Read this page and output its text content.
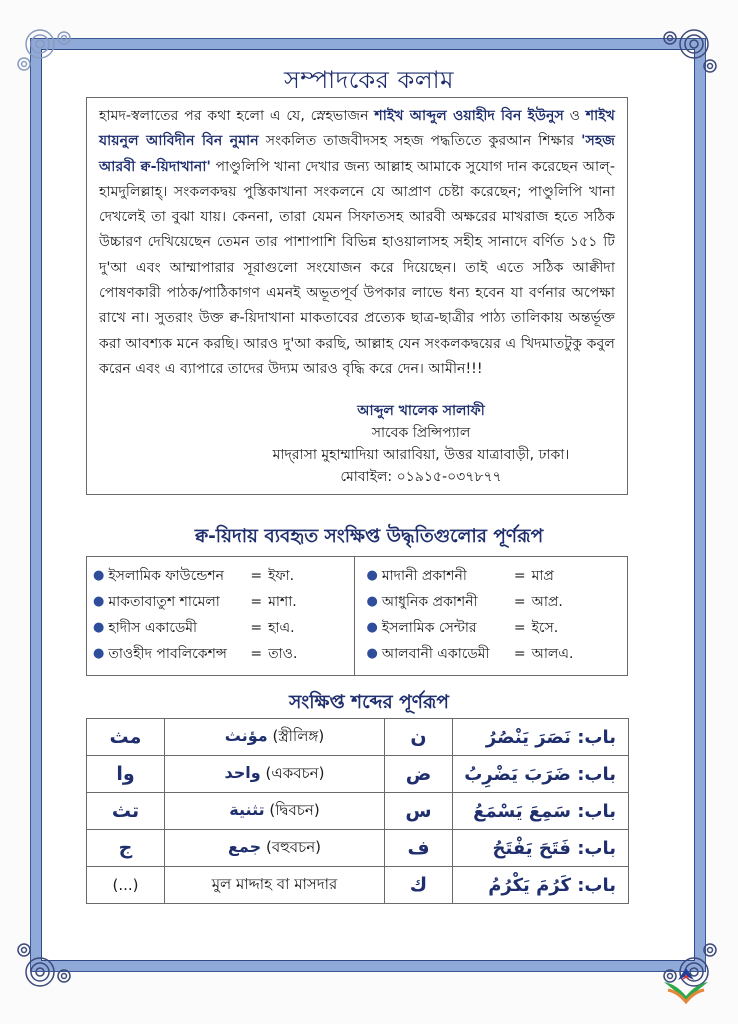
সম্পাদকের কলাম
হামদ-স্বলাতের পর কথা হলো এ যে, স্নেহভাজন শাইখ আব্দুল ওয়াহীদ বিন ইউনুস ও শাইখ যায়নুল আবিদীন বিন নুমান সংকলিত তাজবীদসহ সহজ পদ্ধতিতে কুরআন শিক্ষার 'সহজ আরবী ক্ব-য়িদাখানা' পাণ্ডুলিপি খানা দেখার জন্য আল্লাহ আমাকে সুযোগ দান করেছেন আল্-হামদুলিল্লাহ্। সংকলকদ্বয় পুস্তিকাখানা সংকলনে যে আপ্রাণ চেষ্টা করেছেন; পাণ্ডুলিপি খানা দেখলেই তা বুঝা যায়। কেননা, তারা যেমন সিফাতসহ আরবী অক্ষরের মাখরাজ হতে সঠিক উচ্চারণ দেখিয়েছেন তেমন তার পাশাপাশি বিভিন্ন হাওয়ালাসহ সহীহ সানাদে বর্ণিত ১৫১ টি দু'আ এবং আম্মাপারার সূরাগুলো সংযোজন করে দিয়েছেন। তাই এতে সঠিক আক্বীদা পোষণকারী পাঠক/পাঠিকাগণ এমনই অভূতপূর্ব উপকার লাভে ধন্য হবেন যা বর্ণনার অপেক্ষা রাখে না। সুতরাং উক্ত ক্ব-য়িদাখানা মাকতাবের প্রত্যেক ছাত্র-ছাত্রীর পাঠ্য তালিকায় অন্তর্ভূক্ত করা আবশ্যক মনে করছি। আরও দু'আ করছি, আল্লাহ যেন সংকলকদ্বয়ের এ খিদমাতটুকু কবুল করেন এবং এ ব্যাপারে তাদের উদ্যম আরও বৃদ্ধি করে দেন। আমীন!!!
আব্দুল খালেক সালাফী
সাবেক প্রিন্সিপ্যাল
মাদ্‌রাসা মুহাম্মাদিয়া আরাবিয়া, উত্তর যাত্রাবাড়ী, ঢাকা।
মোবাইল: ০১৯১৫-০৩৭৮৭৭
ক্ব-য়িদায় ব্যবহৃত সংক্ষিপ্ত উদ্ধৃতিগুলোর পূর্ণরূপ
● ইসলামিক ফাউন্ডেশন	= ইফা.
● মাকতাবাতুশ শামেলা	= মাশা.
● হাদীস একাডেমী	= হাএ.
● তাওহীদ পাবলিকেশন্স	= তাও.
● মাদানী প্রকাশনী	= মাপ্র
● আধুনিক প্রকাশনী	= আপ্র.
● ইসলামিক সেন্টার	= ইসে.
● আলবানী একাডেমী	= আলএ.
সংক্ষিপ্ত শব্দের পূর্ণরূপ
مث	مؤنث (স্ত্রীলিঙ্গ)	ن	باب: نَصَرَ يَنْصُرُ
وا	واحد (একবচন)	ض	باب: ضَرَبَ يَضْرِبُ
تث	تثنية (দ্বিবচন)	س	باب: سَمِعَ يَسْمَعُ
ج	جمع (বহুবচন)	ف	باب: فَتَحَ يَفْتَحُ
(...)	মুল মাদ্দাহ বা মাসদার	ك	باب: كَرُمَ يَكْرُمُ
